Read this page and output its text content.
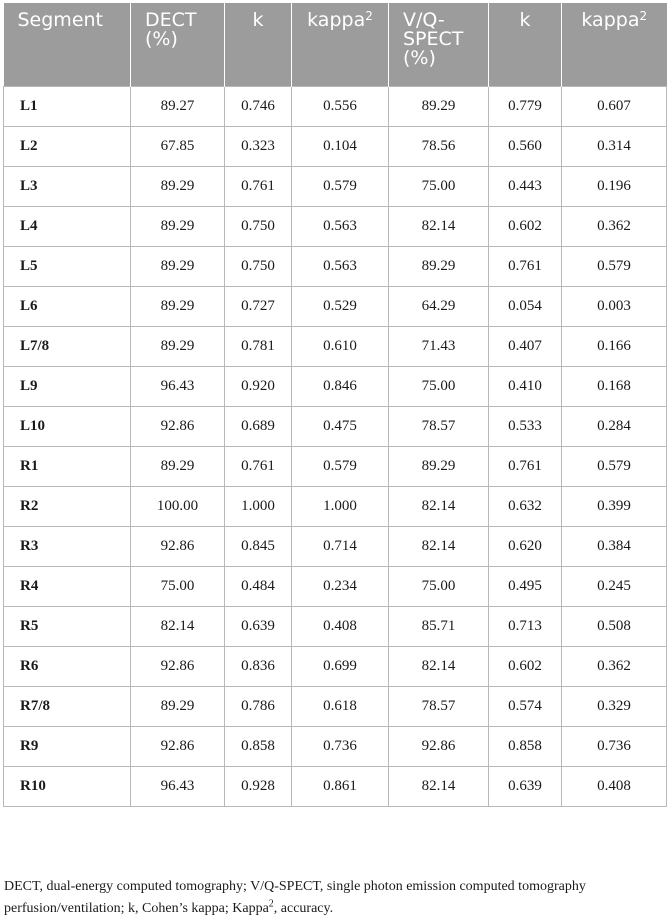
Segment	DECT (%)	k	kappa$^2$	V/Q-SPECT (%)	k	kappa$^2$
L1	89.27	0.746	0.556	89.29	0.779	0.607
L2	67.85	0.323	0.104	78.56	0.560	0.314
L3	89.29	0.761	0.579	75.00	0.443	0.196
L4	89.29	0.750	0.563	82.14	0.602	0.362
L5	89.29	0.750	0.563	89.29	0.761	0.579
L6	89.29	0.727	0.529	64.29	0.054	0.003
L7/8	89.29	0.781	0.610	71.43	0.407	0.166
L9	96.43	0.920	0.846	75.00	0.410	0.168
L10	92.86	0.689	0.475	78.57	0.533	0.284
R1	89.29	0.761	0.579	89.29	0.761	0.579
R2	100.00	1.000	1.000	82.14	0.632	0.399
R3	92.86	0.845	0.714	82.14	0.620	0.384
R4	75.00	0.484	0.234	75.00	0.495	0.245
R5	82.14	0.639	0.408	85.71	0.713	0.508
R6	92.86	0.836	0.699	82.14	0.602	0.362
R7/8	89.29	0.786	0.618	78.57	0.574	0.329
R9	92.86	0.858	0.736	92.86	0.858	0.736
R10	96.43	0.928	0.861	82.14	0.639	0.408
DECT, dual-energy computed tomography; V/Q-SPECT, single photon emission computed tomography perfusion/ventilation; k, Cohen’s kappa; Kappa$^2$, accuracy.
